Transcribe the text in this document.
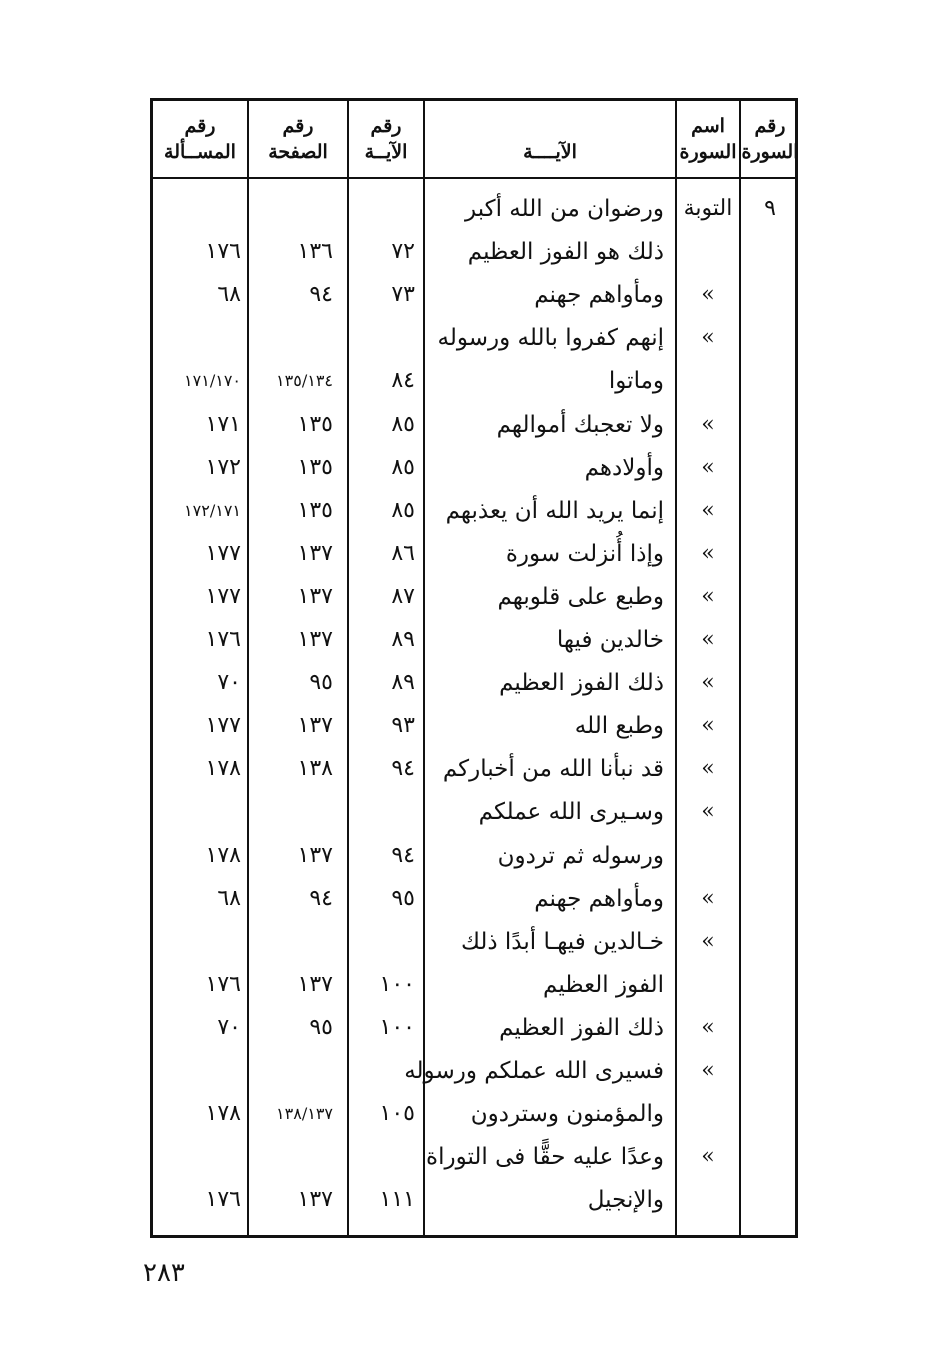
رقم
السورة
اسم
السورة
الآيــــة
رقم
الآيــة
رقم
الصفحة
رقم
المســألة
٩
التوبة
ورضوان من الله أكبر
ذلك هو الفوز العظيم
٧٢
١٣٦
١٧٦
»
ومأواهم جهنم
٧٣
٩٤
٦٨
»
إنهم كفروا بالله ورسوله
وماتوا
٨٤
١٣٥/١٣٤
١٧١/١٧٠
»
ولا تعجبك أموالهم
٨٥
١٣٥
١٧١
»
وأولادهم
٨٥
١٣٥
١٧٢
»
إنما يريد الله أن يعذبهم
٨٥
١٣٥
١٧٢/١٧١
»
وإذا أُنزلت سورة
٨٦
١٣٧
١٧٧
»
وطبع على قلوبهم
٨٧
١٣٧
١٧٧
»
خالدين فيها
٨٩
١٣٧
١٧٦
»
ذلك الفوز العظيم
٨٩
٩٥
٧٠
»
وطبع الله
٩٣
١٣٧
١٧٧
»
قد نبأنا الله من أخباركم
٩٤
١٣٨
١٧٨
»
وسـيرى الله عملكم
ورسوله ثم تردون
٩٤
١٣٧
١٧٨
»
ومأواهم جهنم
٩٥
٩٤
٦٨
»
خـالدين فيهـا أبدًا ذلك
الفوز العظيم
١٠٠
١٣٧
١٧٦
»
ذلك الفوز العظيم
١٠٠
٩٥
٧٠
»
فسيرى الله عملكم ورسوله
والمؤمنون وستردون
١٠٥
١٣٨/١٣٧
١٧٨
»
وعدًا عليه حقًّا فى التوراة
والإنجيل
١١١
١٣٧
١٧٦
٢٨٣
